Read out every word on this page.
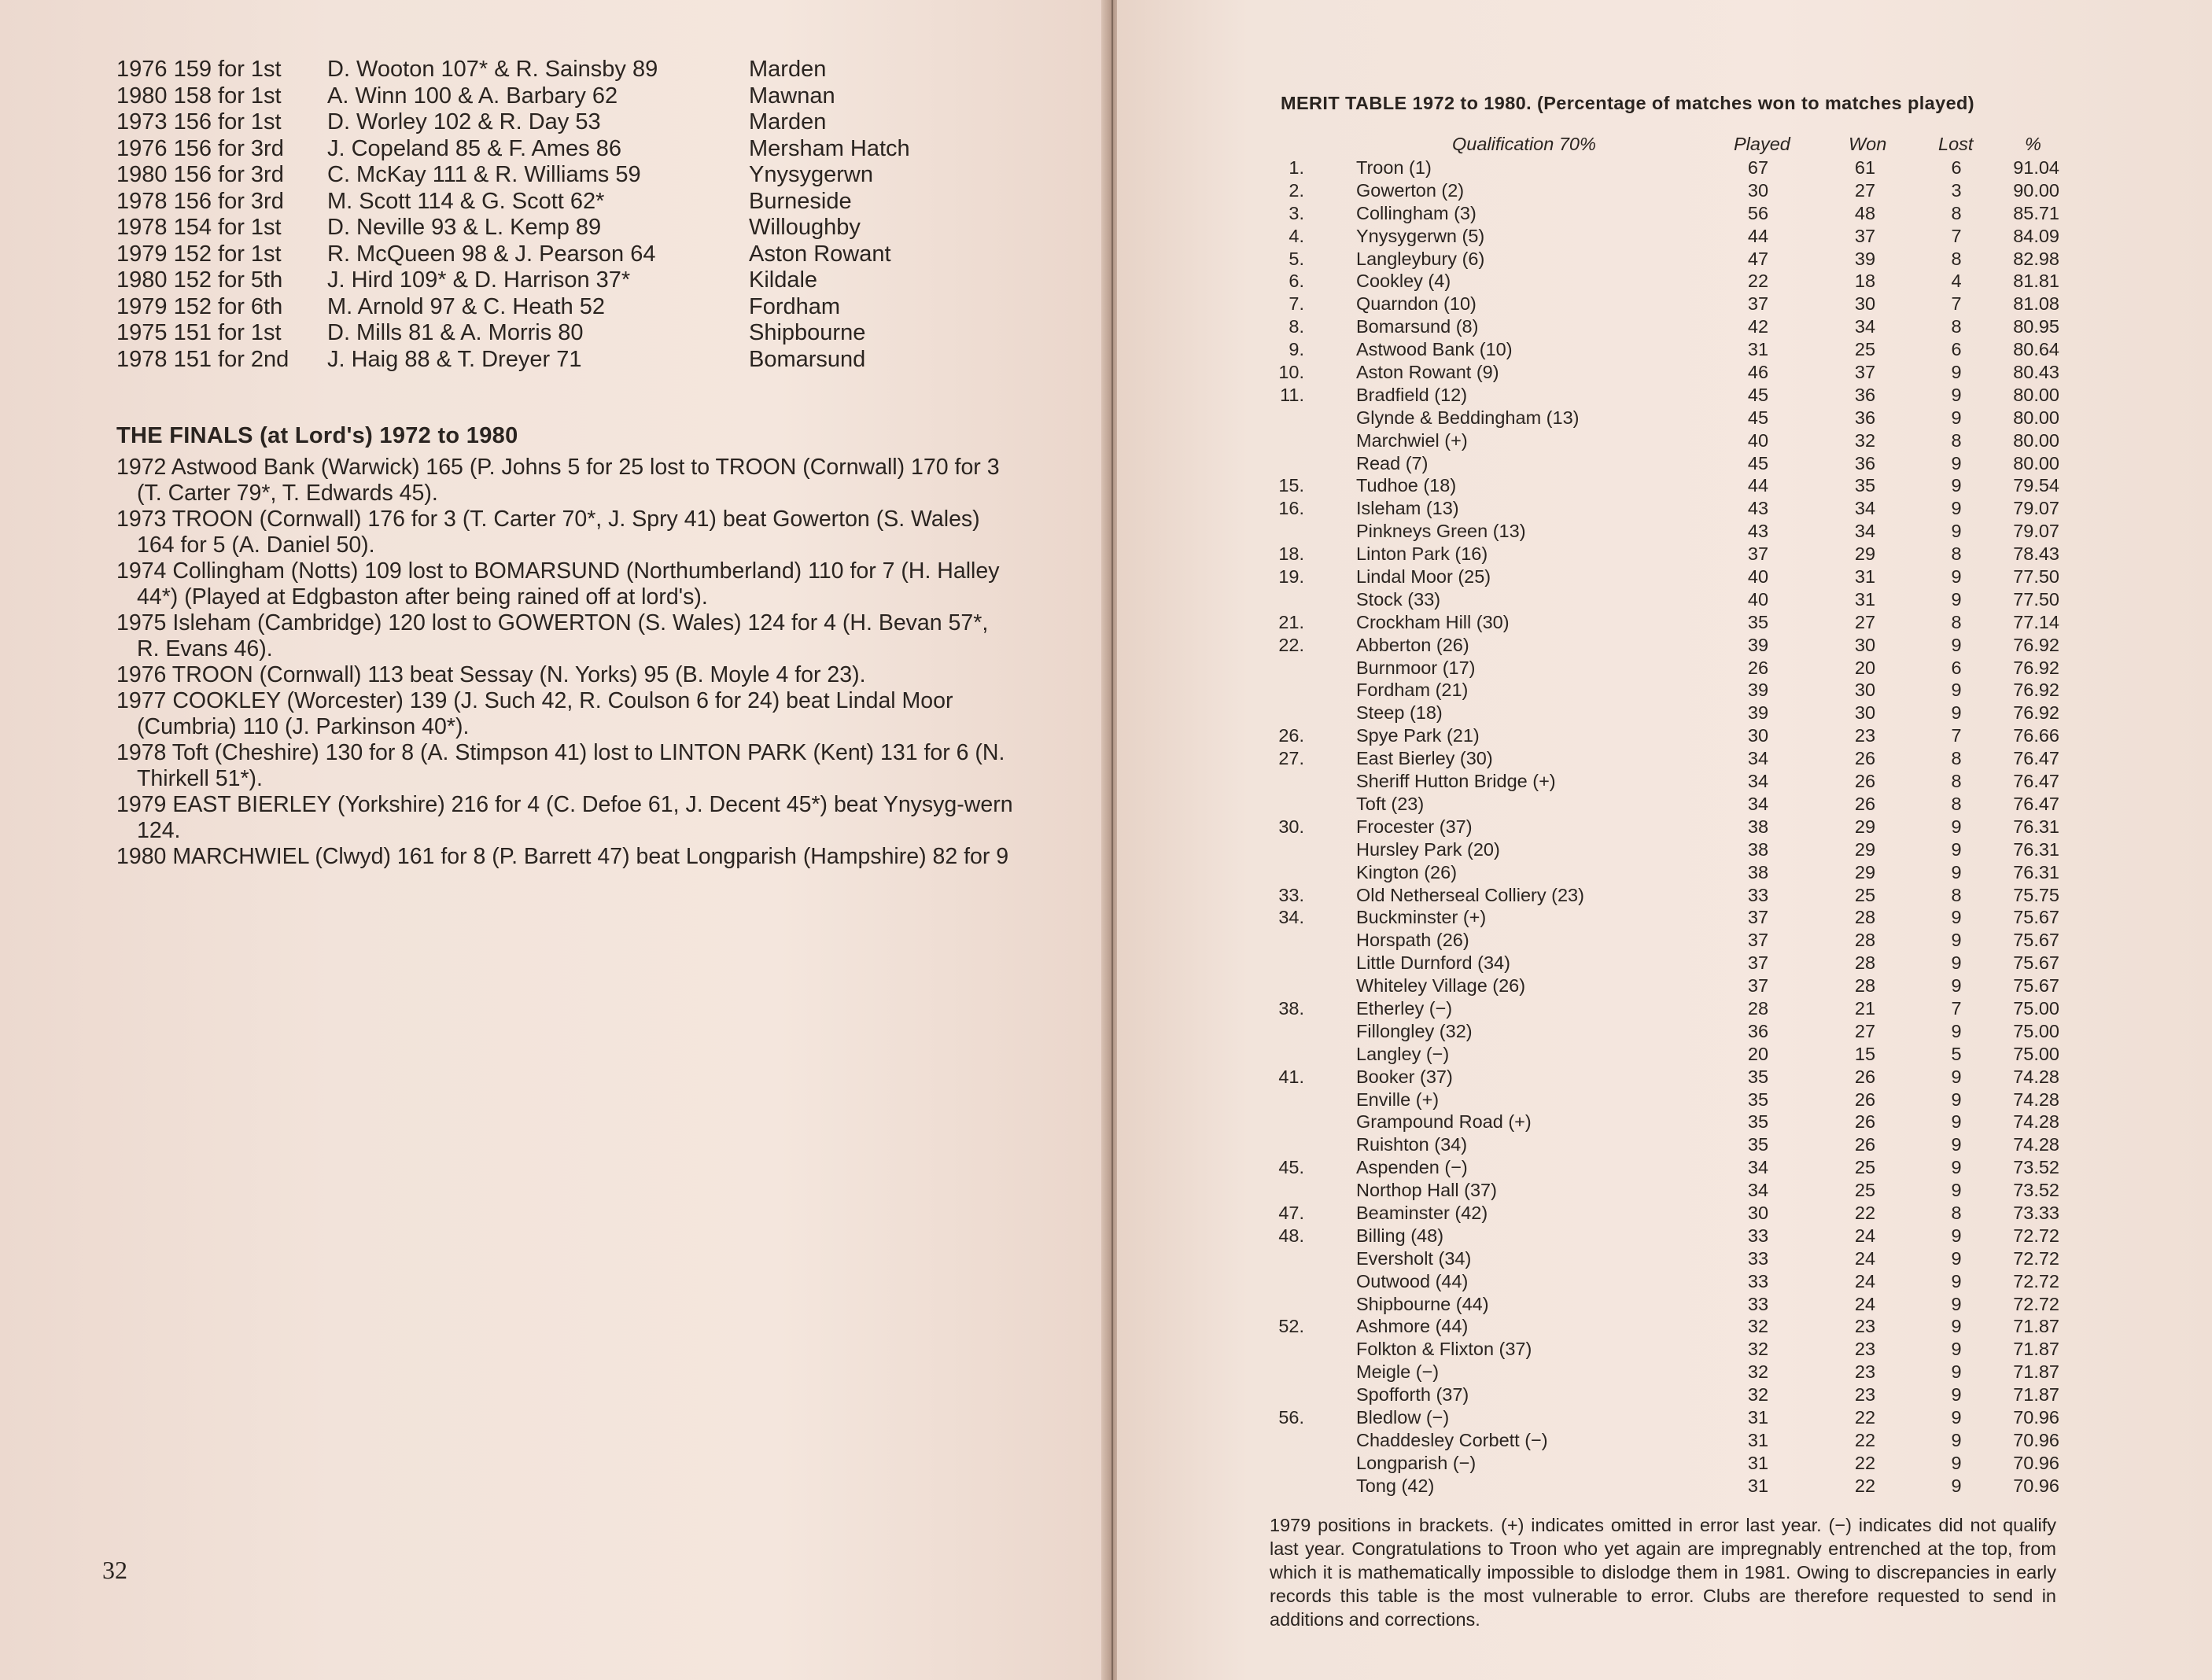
1976 159 for 1st D. Wooton 107* & R. Sainsby 89	Marden
1980 158 for 1st A. Winn 100 & A. Barbary 62	Mawnan
1973 156 for 1st D. Worley 102 & R. Day 53	Marden
1976 156 for 3rd J. Copeland 85 & F. Ames 86	Mersham Hatch
1980 156 for 3rd C. McKay 111 & R. Williams 59	Ynysygerwn
1978 156 for 3rd M. Scott 114 & G. Scott 62*	Burneside
1978 154 for 1st D. Neville 93 & L. Kemp 89	Willoughby
1979 152 for 1st R. McQueen 98 & J. Pearson 64	Aston Rowant
1980 152 for 5th J. Hird 109* & D. Harrison 37*	Kildale
1979 152 for 6th M. Arnold 97 & C. Heath 52	Fordham
1975 151 for 1st D. Mills 81 & A. Morris 80	Shipbourne
1978 151 for 2nd J. Haig 88 & T. Dreyer 71	Bomarsund
THE FINALS (at Lord's) 1972 to 1980
1972 Astwood Bank (Warwick) 165 (P. Johns 5 for 25 lost to TROON (Cornwall) 170 for 3 (T. Carter 79*, T. Edwards 45).
1973 TROON (Cornwall) 176 for 3 (T. Carter 70*, J. Spry 41) beat Gowerton (S. Wales) 164 for 5 (A. Daniel 50).
1974 Collingham (Notts) 109 lost to BOMARSUND (Northumberland) 110 for 7 (H. Halley 44*) (Played at Edgbaston after being rained off at lord's).
1975 Isleham (Cambridge) 120 lost to GOWERTON (S. Wales) 124 for 4 (H. Bevan 57*, R. Evans 46).
1976 TROON (Cornwall) 113 beat Sessay (N. Yorks) 95 (B. Moyle 4 for 23).
1977 COOKLEY (Worcester) 139 (J. Such 42, R. Coulson 6 for 24) beat Lindal Moor (Cumbria) 110 (J. Parkinson 40*).
1978 Toft (Cheshire) 130 for 8 (A. Stimpson 41) lost to LINTON PARK (Kent) 131 for 6 (N. Thirkell 51*).
1979 EAST BIERLEY (Yorkshire) 216 for 4 (C. Defoe 61, J. Decent 45*) beat Ynysyg-wern 124.
1980 MARCHWIEL (Clwyd) 161 for 8 (P. Barrett 47) beat Longparish (Hampshire) 82 for 9
32
MERIT TABLE 1972 to 1980. (Percentage of matches won to matches played)
Qualification 70%	Played	Won	Lost	%
1.	Troon (1)	67	61	6	91.04
2.	Gowerton (2)	30	27	3	90.00
3.	Collingham (3)	56	48	8	85.71
4.	Ynysygerwn (5)	44	37	7	84.09
5.	Langleybury (6)	47	39	8	82.98
6.	Cookley (4)	22	18	4	81.81
7.	Quarndon (10)	37	30	7	81.08
8.	Bomarsund (8)	42	34	8	80.95
9.	Astwood Bank (10)	31	25	6	80.64
10.	Aston Rowant (9)	46	37	9	80.43
11.	Bradfield (12)	45	36	9	80.00
Glynde & Beddingham (13)	45	36	9	80.00
Marchwiel (+)	40	32	8	80.00
Read (7)	45	36	9	80.00
15.	Tudhoe (18)	44	35	9	79.54
16.	Isleham (13)	43	34	9	79.07
Pinkneys Green (13)	43	34	9	79.07
18.	Linton Park (16)	37	29	8	78.43
19.	Lindal Moor (25)	40	31	9	77.50
Stock (33)	40	31	9	77.50
21.	Crockham Hill (30)	35	27	8	77.14
22.	Abberton (26)	39	30	9	76.92
Burnmoor (17)	26	20	6	76.92
Fordham (21)	39	30	9	76.92
Steep (18)	39	30	9	76.92
26.	Spye Park (21)	30	23	7	76.66
27.	East Bierley (30)	34	26	8	76.47
Sheriff Hutton Bridge (+)	34	26	8	76.47
Toft (23)	34	26	8	76.47
30.	Frocester (37)	38	29	9	76.31
Hursley Park (20)	38	29	9	76.31
Kington (26)	38	29	9	76.31
33.	Old Netherseal Colliery (23)	33	25	8	75.75
34.	Buckminster (+)	37	28	9	75.67
Horspath (26)	37	28	9	75.67
Little Durnford (34)	37	28	9	75.67
Whiteley Village (26)	37	28	9	75.67
38.	Etherley (−)	28	21	7	75.00
Fillongley (32)	36	27	9	75.00
Langley (−)	20	15	5	75.00
41.	Booker (37)	35	26	9	74.28
Enville (+)	35	26	9	74.28
Grampound Road (+)	35	26	9	74.28
Ruishton (34)	35	26	9	74.28
45.	Aspenden (−)	34	25	9	73.52
Northop Hall (37)	34	25	9	73.52
47.	Beaminster (42)	30	22	8	73.33
48.	Billing (48)	33	24	9	72.72
Eversholt (34)	33	24	9	72.72
Outwood (44)	33	24	9	72.72
Shipbourne (44)	33	24	9	72.72
52.	Ashmore (44)	32	23	9	71.87
Folkton & Flixton (37)	32	23	9	71.87
Meigle (−)	32	23	9	71.87
Spofforth (37)	32	23	9	71.87
56.	Bledlow (−)	31	22	9	70.96
Chaddesley Corbett (−)	31	22	9	70.96
Longparish (−)	31	22	9	70.96
Tong (42)	31	22	9	70.96
1979 positions in brackets. (+) indicates omitted in error last year. (−) indicates did not qualify last year. Congratulations to Troon who yet again are impregnably entrenched at the top, from which it is mathematically impossible to dislodge them in 1981. Owing to discrepancies in early records this table is the most vulnerable to error. Clubs are therefore requested to send in additions and corrections.
